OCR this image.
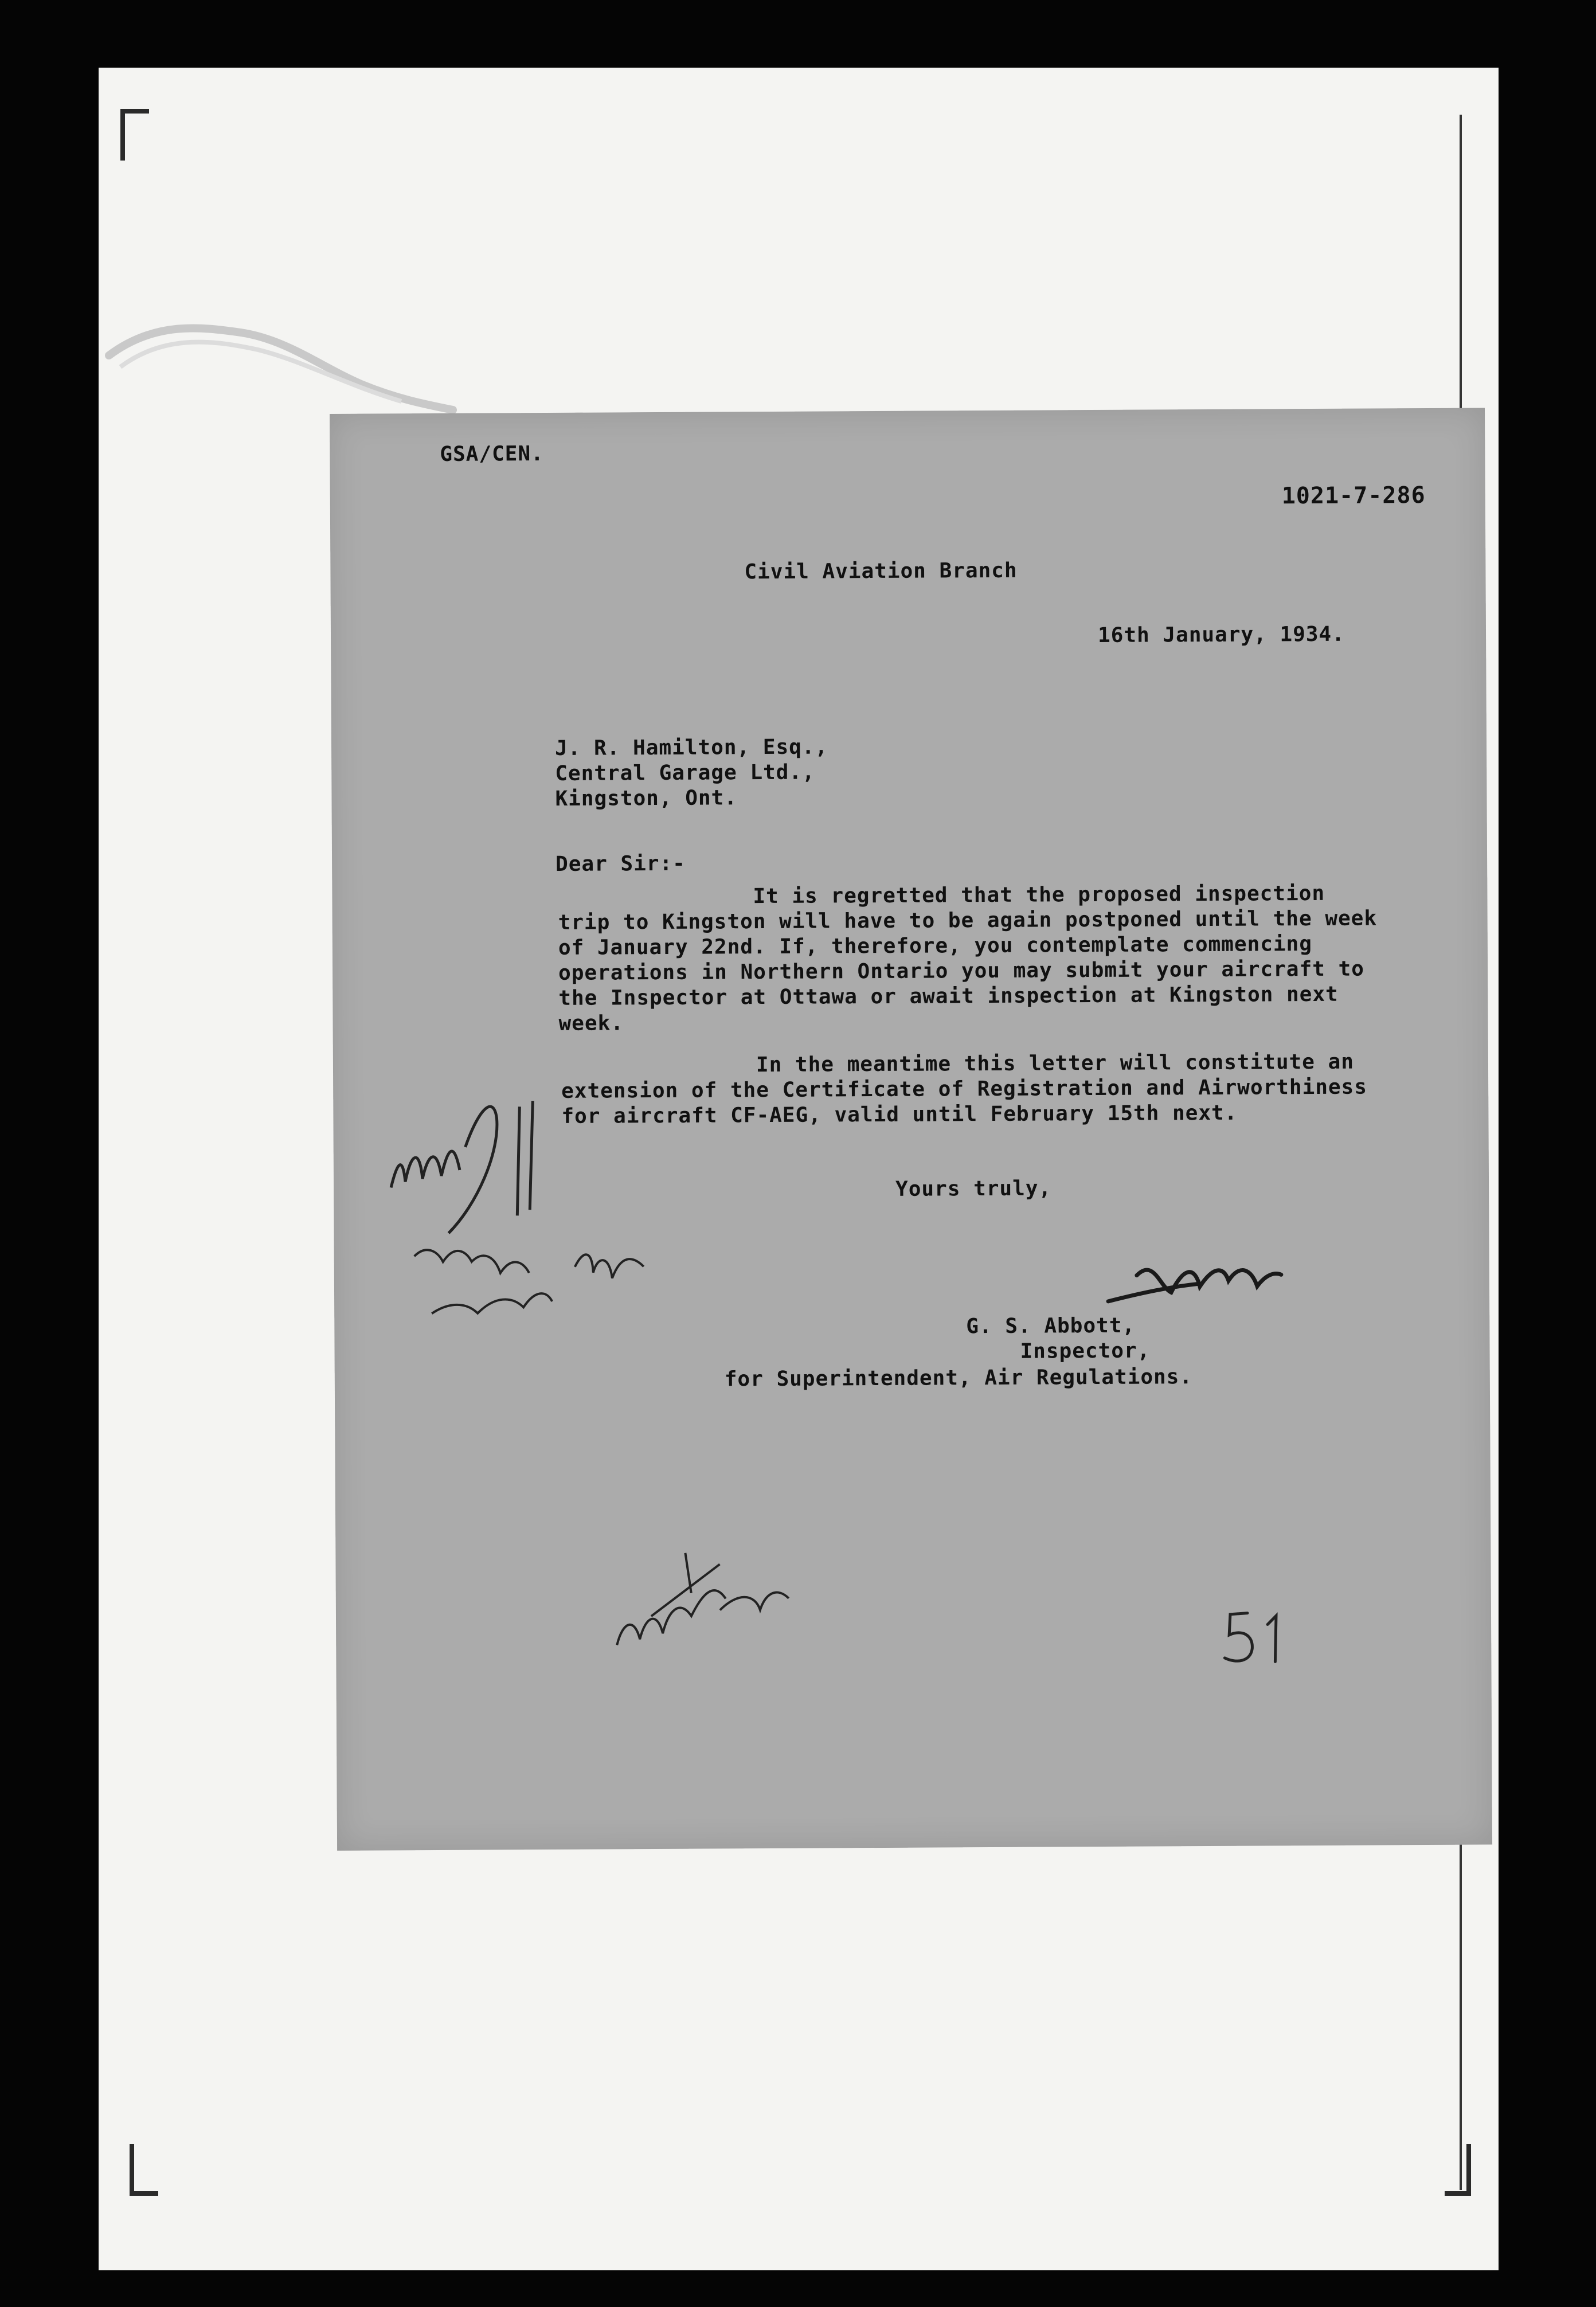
GSA/CEN.
1021-7-286
Civil Aviation Branch
16th January, 1934.
J. R. Hamilton, Esq.,
Central Garage Ltd.,
Kingston, Ont.
Dear Sir:-
It is regretted that the proposed inspection trip to Kingston will have to be again postponed until the week of January 22nd. If, therefore, you contemplate commencing operations in Northern Ontario you may submit your aircraft to the Inspector at Ottawa or await inspection at Kingston next week.
In the meantime this letter will constitute an extension of the Certificate of Registration and Airworthiness for aircraft CF-AEG, valid until February 15th next.
Yours truly,
G. S. Abbott,
Inspector,
for Superintendent, Air Regulations.
